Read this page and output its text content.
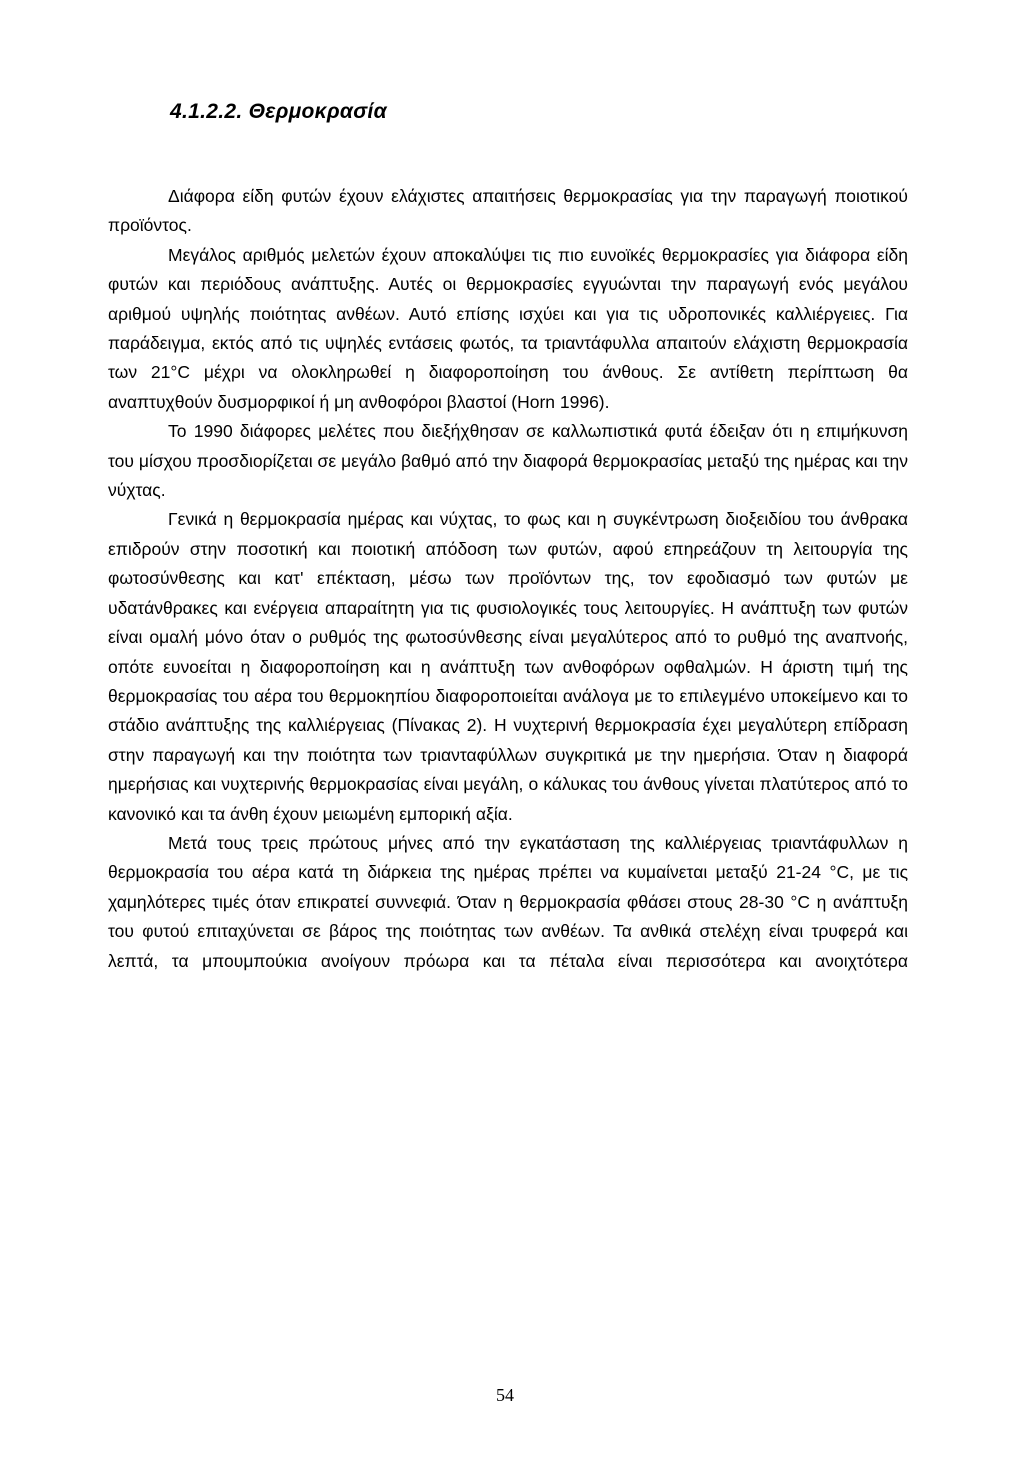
4.1.2.2. Θερμοκρασία

Διάφορα είδη φυτών έχουν ελάχιστες απαιτήσεις θερμοκρασίας για την παραγωγή ποιοτικού προϊόντος.

Μεγάλος αριθμός μελετών έχουν αποκαλύψει τις πιο ευνοϊκές θερμοκρασίες για διάφορα είδη φυτών και περιόδους ανάπτυξης. Αυτές οι θερμοκρασίες εγγυώνται την παραγωγή ενός μεγάλου αριθμού υψηλής ποιότητας ανθέων. Αυτό επίσης ισχύει και για τις υδροπονικές καλλιέργειες. Για παράδειγμα, εκτός από τις υψηλές εντάσεις φωτός, τα τριαντάφυλλα απαιτούν ελάχιστη θερμοκρασία των 21°C μέχρι να ολοκληρωθεί η διαφοροποίηση του άνθους. Σε αντίθετη περίπτωση θα αναπτυχθούν δυσμορφικοί ή μη ανθοφόροι βλαστοί (Horn 1996).

Το 1990 διάφορες μελέτες που διεξήχθησαν σε καλλωπιστικά φυτά έδειξαν ότι η επιμήκυνση του μίσχου προσδιορίζεται σε μεγάλο βαθμό από την διαφορά θερμοκρασίας μεταξύ της ημέρας και την νύχτας.

Γενικά η θερμοκρασία ημέρας και νύχτας, το φως και η συγκέντρωση διοξειδίου του άνθρακα επιδρούν στην ποσοτική και ποιοτική απόδοση των φυτών, αφού επηρεάζουν τη λειτουργία της φωτοσύνθεσης και κατ' επέκταση, μέσω των προϊόντων της, τον εφοδιασμό των φυτών με υδατάνθρακες και ενέργεια απαραίτητη για τις φυσιολογικές τους λειτουργίες. Η ανάπτυξη των φυτών είναι ομαλή μόνο όταν ο ρυθμός της φωτοσύνθεσης είναι μεγαλύτερος από το ρυθμό της αναπνοής, οπότε ευνοείται η διαφοροποίηση και η ανάπτυξη των ανθοφόρων οφθαλμών. Η άριστη τιμή της θερμοκρασίας του αέρα του θερμοκηπίου διαφοροποιείται ανάλογα με το επιλεγμένο υποκείμενο και το στάδιο ανάπτυξης της καλλιέργειας (Πίνακας 2). Η νυχτερινή θερμοκρασία έχει μεγαλύτερη επίδραση στην παραγωγή και την ποιότητα των τριανταφύλλων συγκριτικά με την ημερήσια. Όταν η διαφορά ημερήσιας και νυχτερινής θερμοκρασίας είναι μεγάλη, ο κάλυκας του άνθους γίνεται πλατύτερος από το κανονικό και τα άνθη έχουν μειωμένη εμπορική αξία.

Μετά τους τρεις πρώτους μήνες από την εγκατάσταση της καλλιέργειας τριαντάφυλλων η θερμοκρασία του αέρα κατά τη διάρκεια της ημέρας πρέπει να κυμαίνεται μεταξύ 21-24 °C, με τις χαμηλότερες τιμές όταν επικρατεί συννεφιά. Όταν η θερμοκρασία φθάσει στους 28-30 °C η ανάπτυξη του φυτού επιταχύνεται σε βάρος της ποιότητας των ανθέων. Τα ανθικά στελέχη είναι τρυφερά και λεπτά, τα μπουμπούκια ανοίγουν πρόωρα και τα πέταλα είναι περισσότερα και ανοιχτότερα

54
